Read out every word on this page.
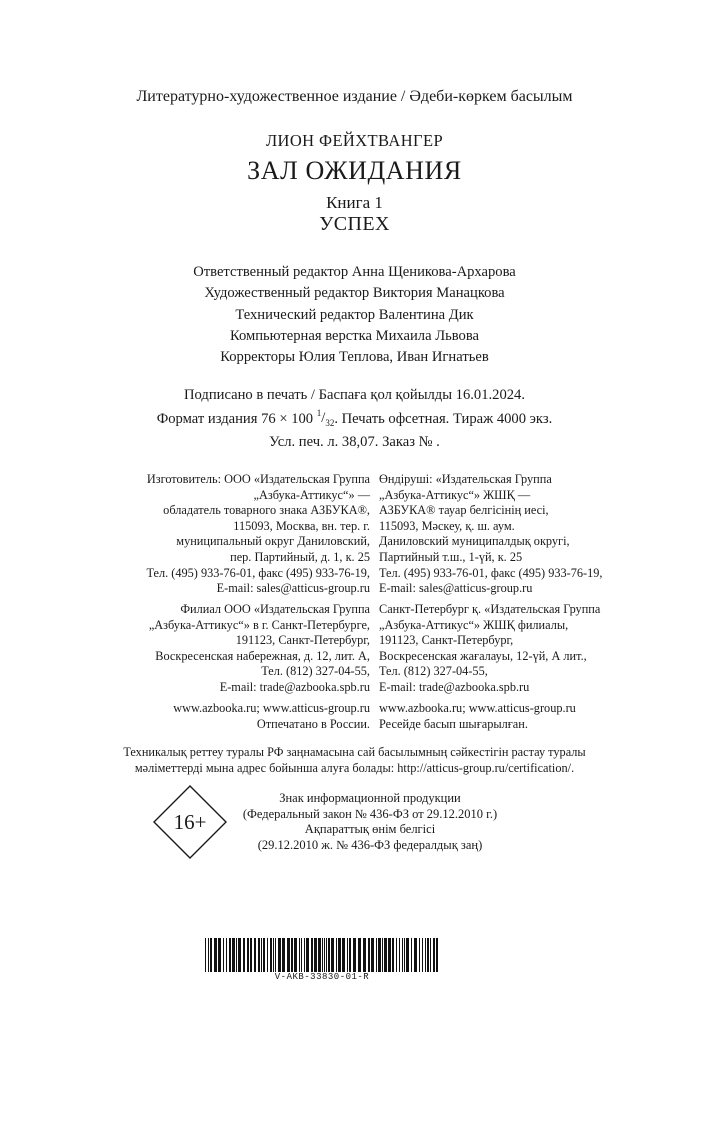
Литературно-художественное издание / Әдеби-көркем басылым
ЛИОН ФЕЙХТВАНГЕР
ЗАЛ ОЖИДАНИЯ
Книга 1
УСПЕХ
Ответственный редактор Анна Щеникова-Архарова
Художественный редактор Виктория Манацкова
Технический редактор Валентина Дик
Компьютерная верстка Михаила Львова
Корректоры Юлия Теплова, Иван Игнатьев
Подписано в печать / Баспаға қол қойылды 16.01.2024.
Формат издания 76 × 100 $^1/_{32}$. Печать офсетная. Тираж 4000 экз.
Усл. печ. л. 38,07. Заказ № .
Изготовитель: ООО «Издательская Группа
„Азбука-Аттикус“» —
обладатель товарного знака АЗБУКА®,
115093, Москва, вн. тер. г.
муниципальный округ Даниловский,
пер. Партийный, д. 1, к. 25
Тел. (495) 933-76-01, факс (495) 933-76-19,
E-mail: sales@atticus-group.ru
Өндіруші: «Издательская Группа
„Азбука-Аттикус“» ЖШҚ —
АЗБУКА® тауар белгісінің иесі,
115093, Мәскеу, қ. ш. аум.
Даниловский муниципалдық округі,
Партийный т.ш., 1-үй, к. 25
Тел. (495) 933-76-01, факс (495) 933-76-19,
E-mail: sales@atticus-group.ru
Филиал ООО «Издательская Группа
„Азбука-Аттикус“» в г. Санкт-Петербурге,
191123, Санкт-Петербург,
Воскресенская набережная, д. 12, лит. А,
Тел. (812) 327-04-55,
E-mail: trade@azbooka.spb.ru
Санкт-Петербург қ. «Издательская Группа
„Азбука-Аттикус“» ЖШҚ филиалы,
191123, Санкт-Петербург,
Воскресенская жағалауы, 12-үй, А лит.,
Тел. (812) 327-04-55,
E-mail: trade@azbooka.spb.ru
www.azbooka.ru; www.atticus-group.ru
Отпечатано в России.
www.azbooka.ru; www.atticus-group.ru
Ресейде басып шығарылған.
Техникалық реттеу туралы РФ заңнамасына сай басылымның сәйкестігін растау туралы
мәліметтерді мына адрес бойынша алуға болады: http://atticus-group.ru/certification/.
16+
Знак информационной продукции
(Федеральный закон № 436-ФЗ от 29.12.2010 г.)
Ақпараттық өнім белгісі
(29.12.2010 ж. № 436-ФЗ федералдық заң)
V-AKB-33830-01-R
